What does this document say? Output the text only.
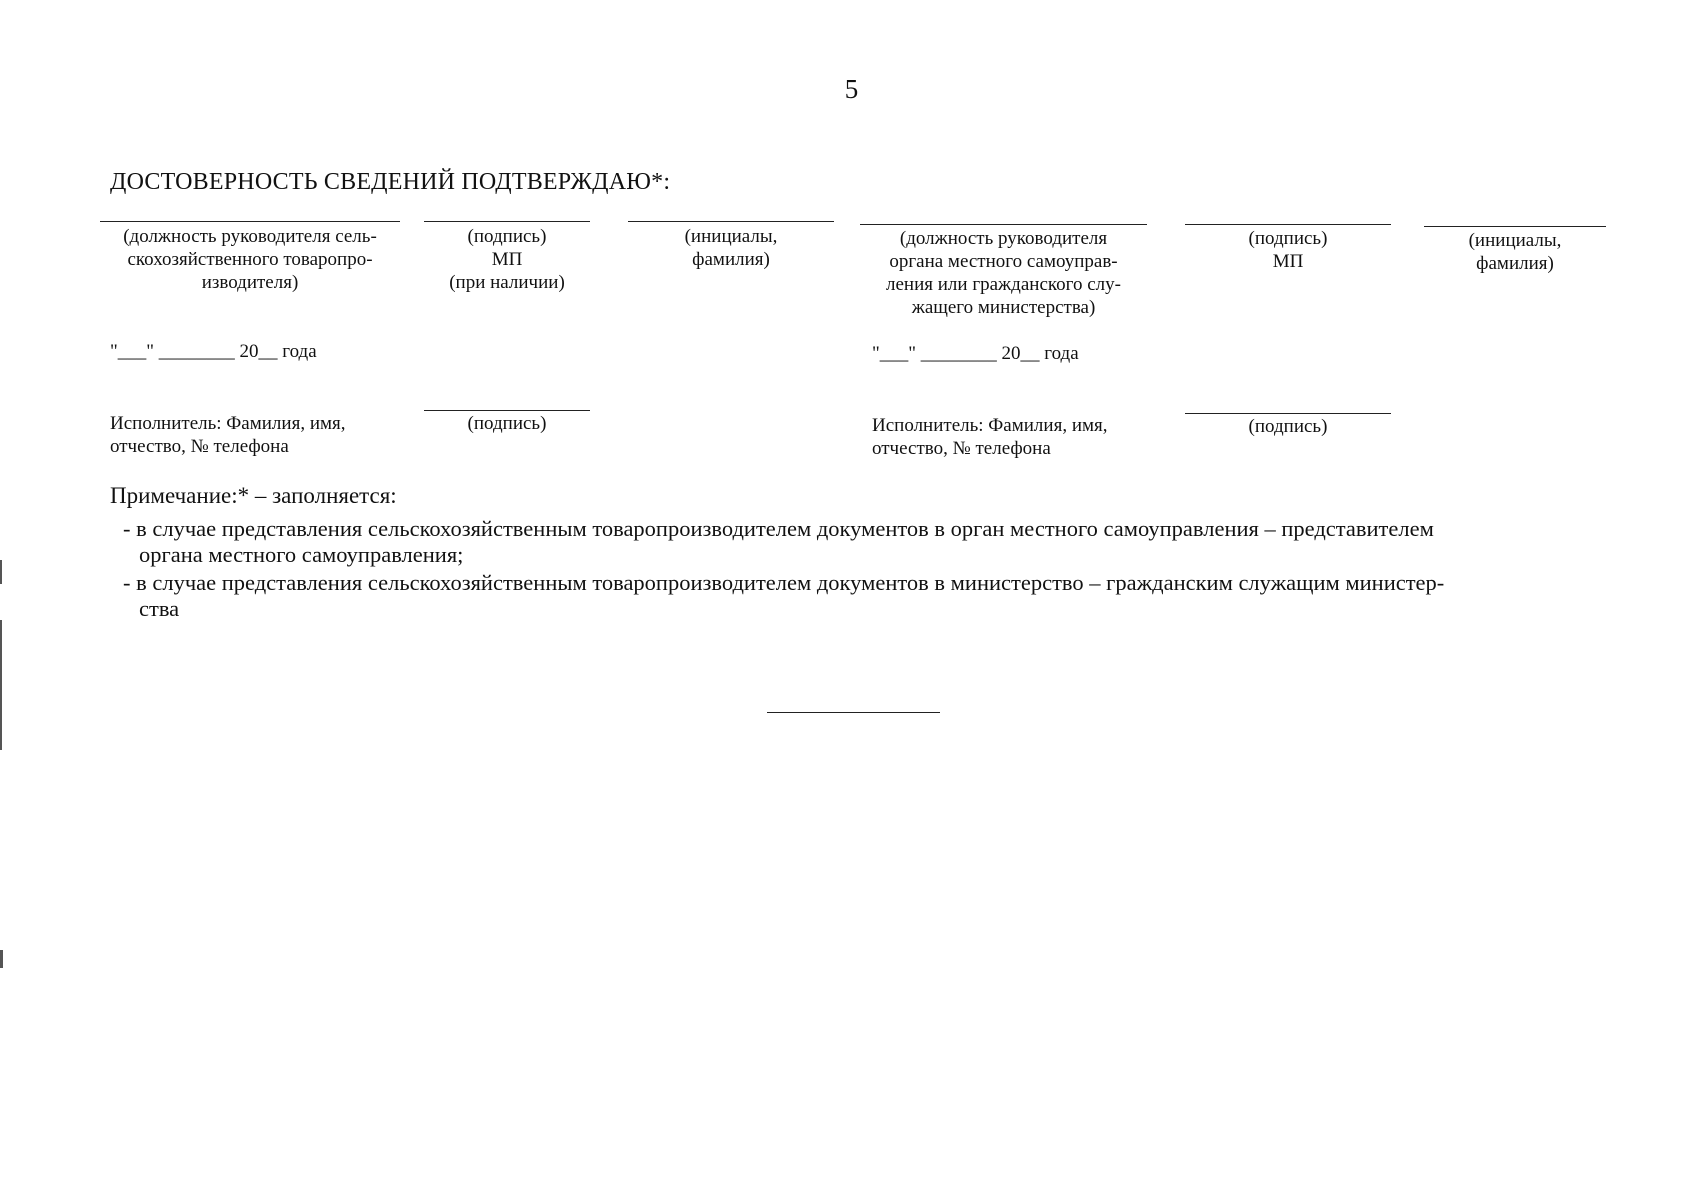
5
ДОСТОВЕРНОСТЬ СВЕДЕНИЙ ПОДТВЕРЖДАЮ*:
(должность руководителя сель-
скохозяйственного товаропро-
изводителя)
(подпись)
МП
(при наличии)
(инициалы,
фамилия)
"___" ________ 20__ года
Исполнитель: Фамилия, имя,
отчество, № телефона
(подпись)
(должность руководителя
органа местного самоуправ-
ления или гражданского слу-
жащего министерства)
(подпись)
МП
(инициалы,
фамилия)
"___" ________ 20__ года
Исполнитель: Фамилия, имя,
отчество, № телефона
(подпись)
Примечание:* – заполняется:
- в случае представления сельскохозяйственным товаропроизводителем документов в орган местного самоуправления – представителем
органа местного самоуправления;
- в случае представления сельскохозяйственным товаропроизводителем документов в министерство – гражданским служащим министер-
ства
